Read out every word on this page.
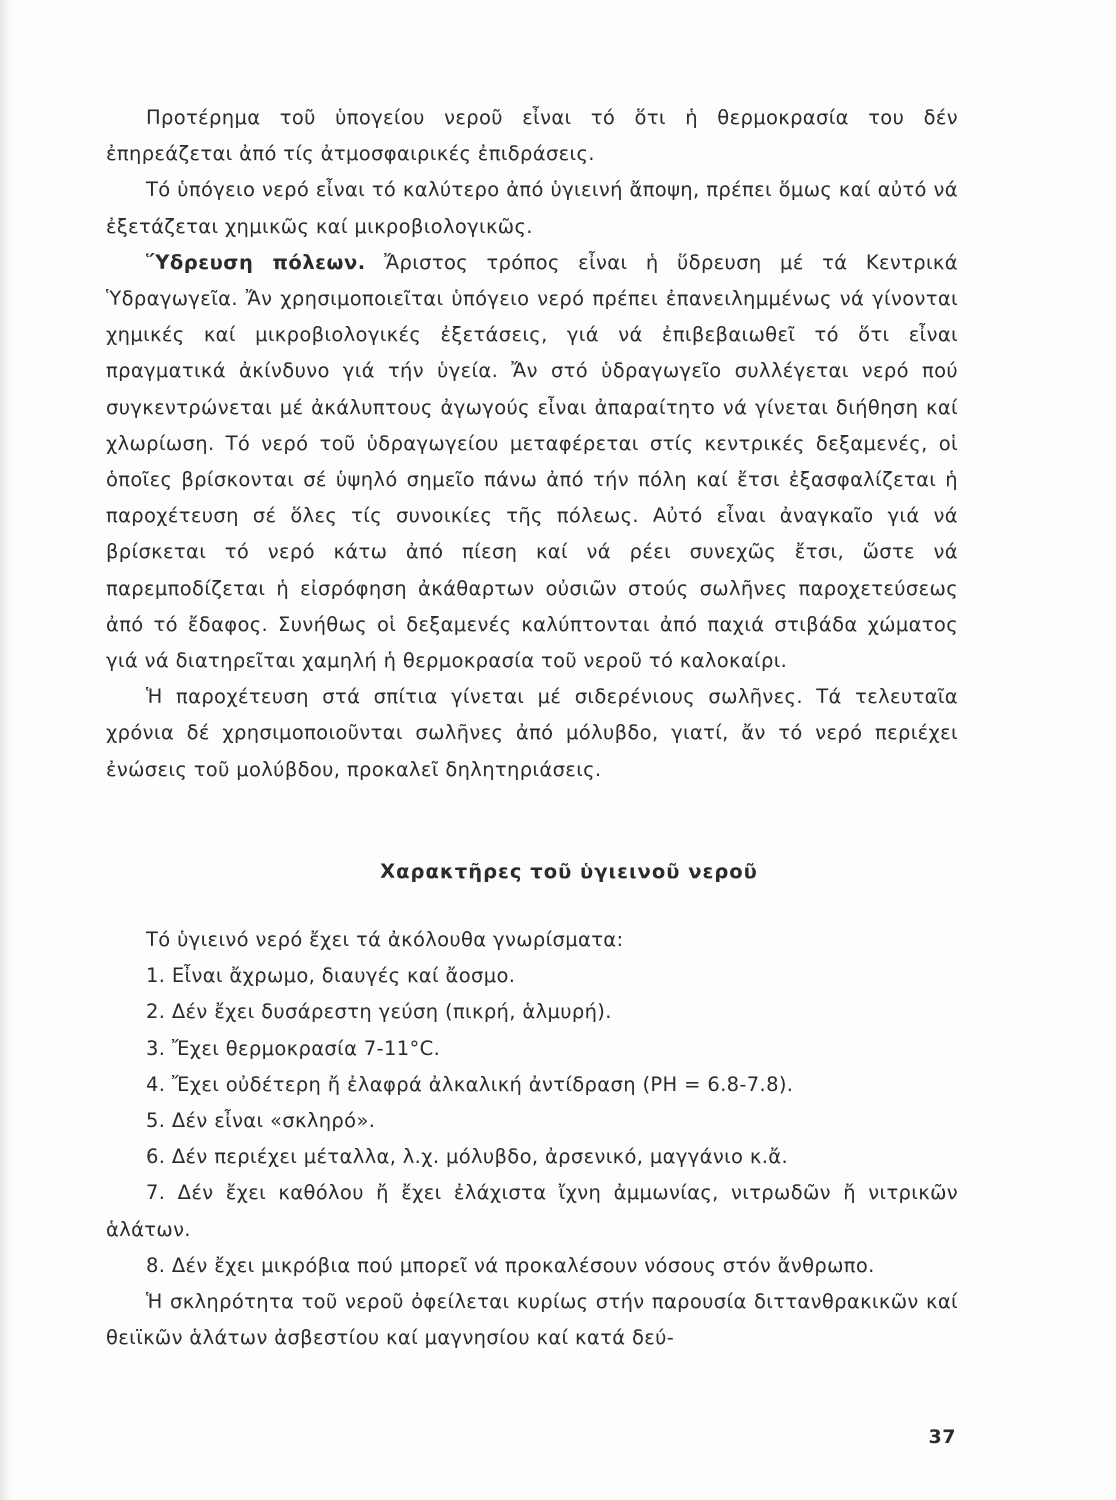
Προτέρημα τοῦ ὑπογείου νεροῦ εἶναι τό ὅτι ἡ θερμοκρασία του δέν ἐπηρεάζεται ἀπό τίς ἀτμοσφαιρικές ἐπιδράσεις.

Τό ὑπόγειο νερό εἶναι τό καλύτερο ἀπό ὑγιεινή ἄποψη, πρέπει ὅμως καί αὐτό νά ἐξετάζεται χημικῶς καί μικροβιολογικῶς.

Ὕδρευση πόλεων. Ἄριστος τρόπος εἶναι ἡ ὕδρευση μέ τά Κεντρικά Ὑδραγωγεῖα. Ἄν χρησιμοποιεῖται ὑπόγειο νερό πρέπει ἐπανειλημμένως νά γίνονται χημικές καί μικροβιολογικές ἐξετάσεις, γιά νά ἐπιβεβαιωθεῖ τό ὅτι εἶναι πραγματικά ἀκίνδυνο γιά τήν ὑγεία. Ἄν στό ὑδραγωγεῖο συλλέγεται νερό πού συγκεντρώνεται μέ ἀκάλυπτους ἀγωγούς εἶναι ἀπαραίτητο νά γίνεται διήθηση καί χλωρίωση. Τό νερό τοῦ ὑδραγωγείου μεταφέρεται στίς κεντρικές δεξαμενές, οἱ ὁποῖες βρίσκονται σέ ὑψηλό σημεῖο πάνω ἀπό τήν πόλη καί ἔτσι ἐξασφαλίζεται ἡ παροχέτευση σέ ὅλες τίς συνοικίες τῆς πόλεως. Αὐτό εἶναι ἀναγκαῖο γιά νά βρίσκεται τό νερό κάτω ἀπό πίεση καί νά ρέει συνεχῶς ἔτσι, ὥστε νά παρεμποδίζεται ἡ εἰσρόφηση ἀκάθαρτων οὐσιῶν στούς σωλῆνες παροχετεύσεως ἀπό τό ἔδαφος. Συνήθως οἱ δεξαμενές καλύπτονται ἀπό παχιά στιβάδα χώματος γιά νά διατηρεῖται χαμηλή ἡ θερμοκρασία τοῦ νεροῦ τό καλοκαίρι.

Ἡ παροχέτευση στά σπίτια γίνεται μέ σιδερένιους σωλῆνες. Τά τελευταῖα χρόνια δέ χρησιμοποιοῦνται σωλῆνες ἀπό μόλυβδο, γιατί, ἄν τό νερό περιέχει ἐνώσεις τοῦ μολύβδου, προκαλεῖ δηλητηριάσεις.

Χαρακτῆρες τοῦ ὑγιεινοῦ νεροῦ

Τό ὑγιεινό νερό ἔχει τά ἀκόλουθα γνωρίσματα:

1. Εἶναι ἄχρωμο, διαυγές καί ἄοσμο.

2. Δέν ἔχει δυσάρεστη γεύση (πικρή, ἁλμυρή).

3. Ἔχει θερμοκρασία 7-11°C.

4. Ἔχει οὐδέτερη ἤ ἐλαφρά ἀλκαλική ἀντίδραση (PH = 6.8-7.8).

5. Δέν εἶναι «σκληρό».

6. Δέν περιέχει μέταλλα, λ.χ. μόλυβδο, ἀρσενικό, μαγγάνιο κ.ἄ.

7. Δέν ἔχει καθόλου ἤ ἔχει ἐλάχιστα ἴχνη ἀμμωνίας, νιτρωδῶν ἤ νιτρικῶν ἁλάτων.

8. Δέν ἔχει μικρόβια πού μπορεῖ νά προκαλέσουν νόσους στόν ἄνθρωπο.

Ἡ σκληρότητα τοῦ νεροῦ ὀφείλεται κυρίως στήν παρουσία διττανθρακικῶν καί θειϊκῶν ἁλάτων ἀσβεστίου καί μαγνησίου καί κατά δεύ-

37
